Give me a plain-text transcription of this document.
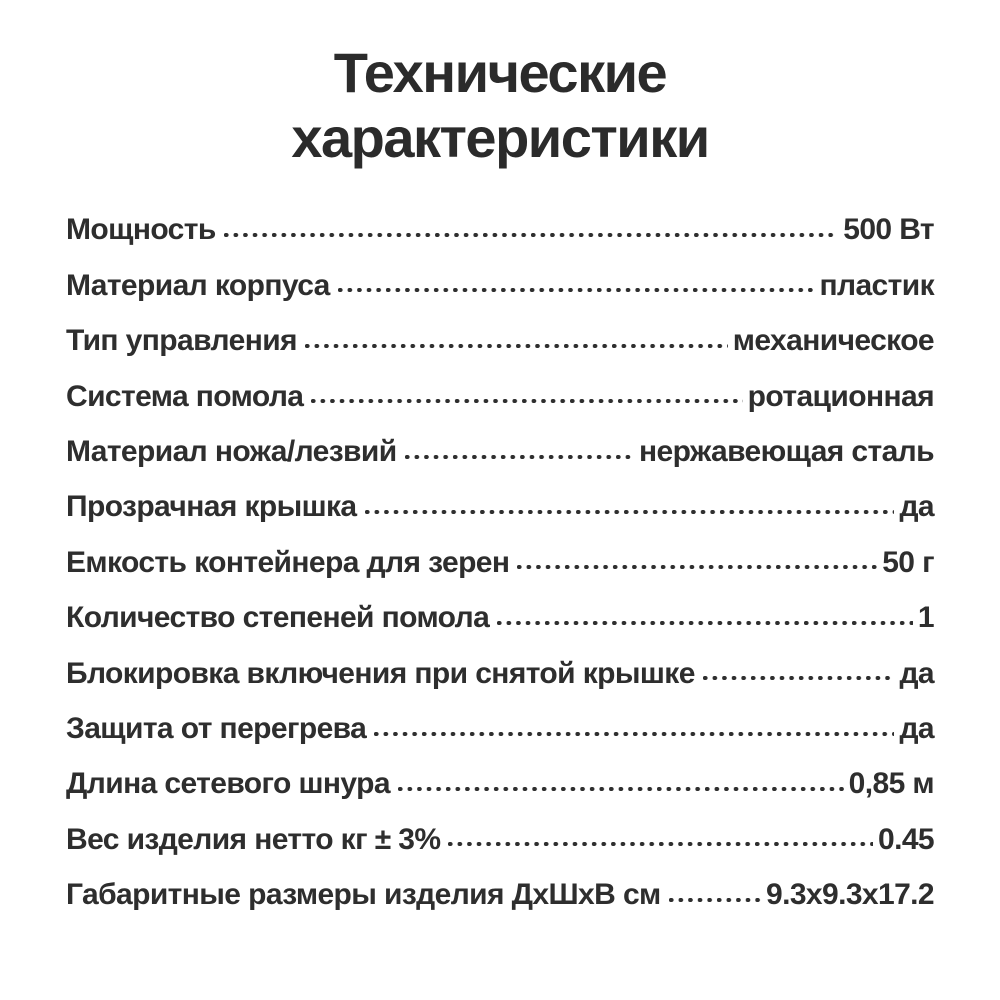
Технические
характеристики
Мощность	500 Вт
Материал корпуса	пластик
Тип управления	механическое
Система помола	ротационная
Материал ножа/лезвий	нержавеющая сталь
Прозрачная крышка	да
Емкость контейнера для зерен	50 г
Количество степеней помола	1
Блокировка включения при снятой крышке	да
Защита от перегрева	да
Длина сетевого шнура	0,85 м
Вес изделия нетто кг ± 3%	0.45
Габаритные размеры изделия ДхШхВ см	9.3х9.3х17.2
